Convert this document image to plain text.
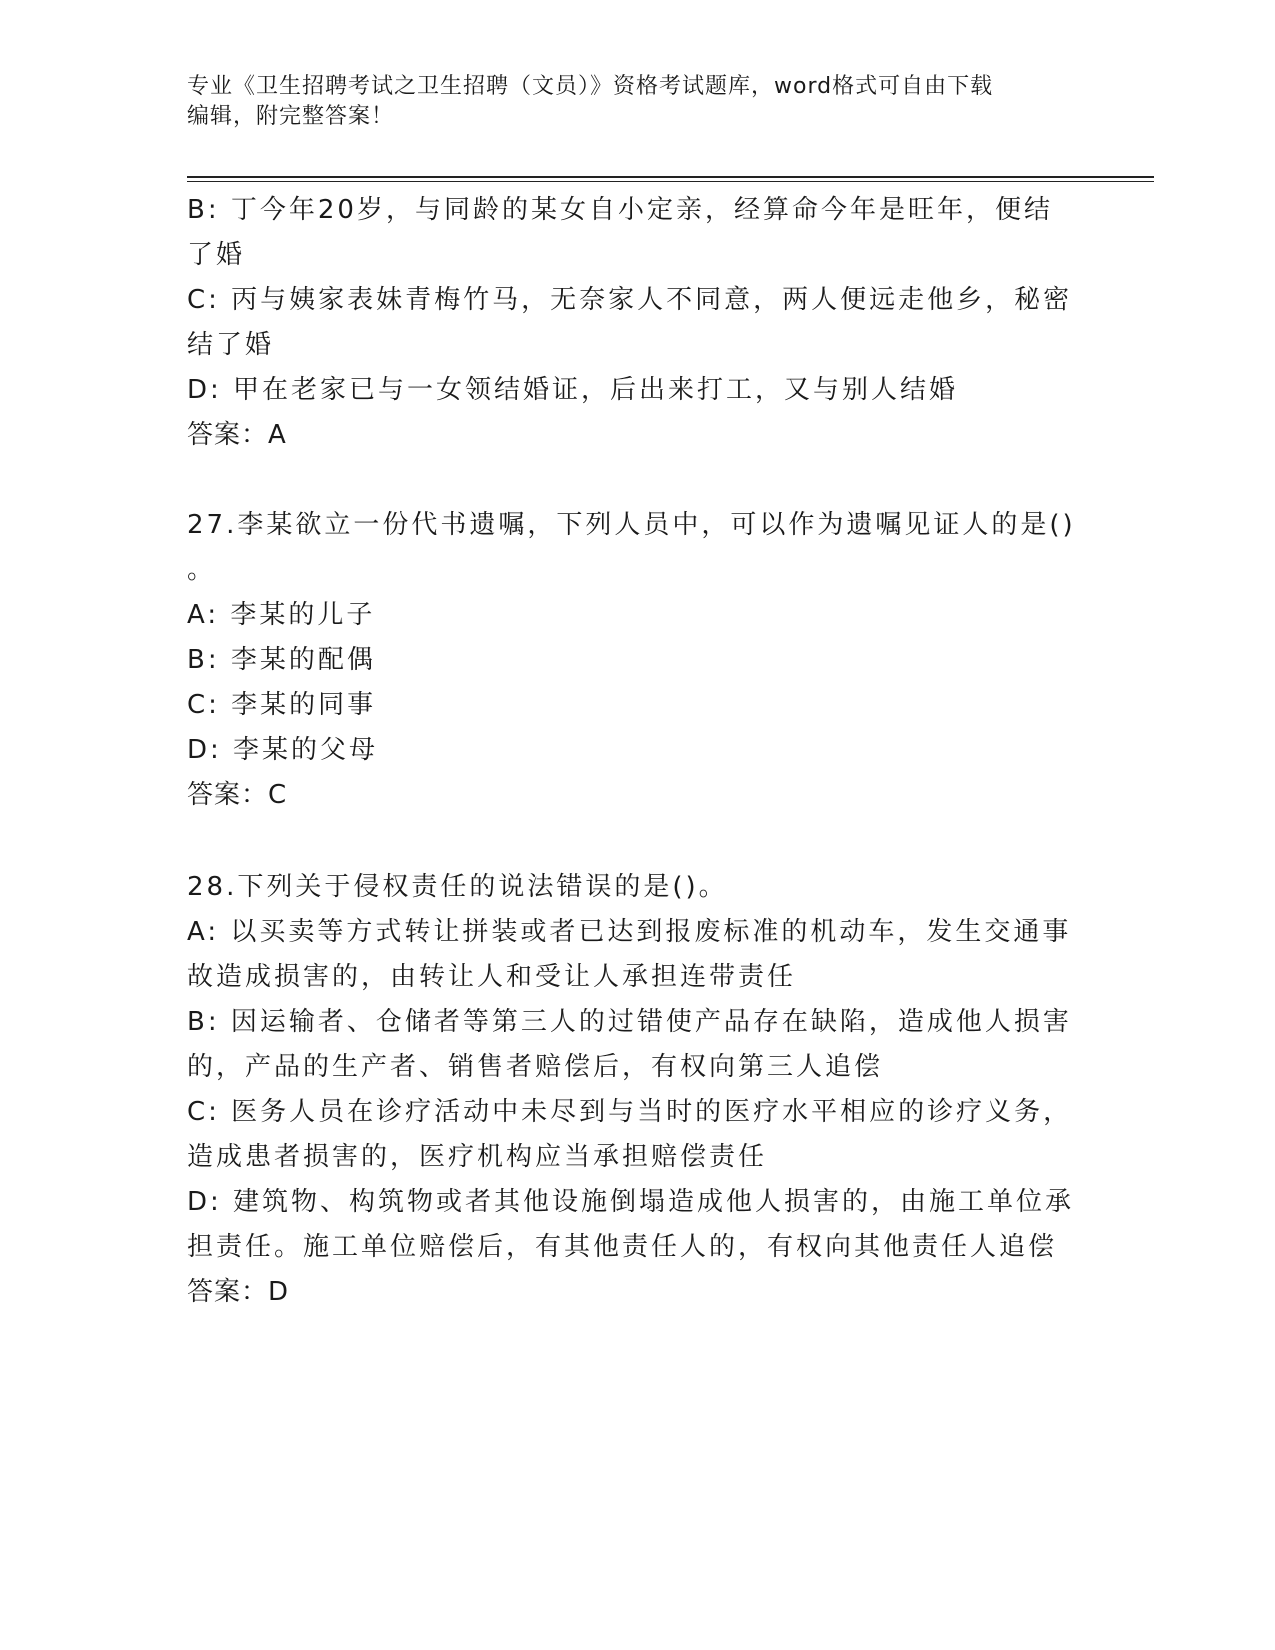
专业《卫生招聘考试之卫生招聘（文员）》资格考试题库，word格式可自由下载
编辑，附完整答案！

B: 丁今年20岁，与同龄的某女自小定亲，经算命今年是旺年，便结

了婚

C: 丙与姨家表妹青梅竹马，无奈家人不同意，两人便远走他乡，秘密

结了婚

D: 甲在老家已与一女领结婚证，后出来打工，又与别人结婚

答案：A

27.李某欲立一份代书遗嘱，下列人员中，可以作为遗嘱见证人的是()

。

A: 李某的儿子

B: 李某的配偶

C: 李某的同事

D: 李某的父母

答案：C

28.下列关于侵权责任的说法错误的是()。

A: 以买卖等方式转让拼装或者已达到报废标准的机动车，发生交通事

故造成损害的，由转让人和受让人承担连带责任

B: 因运输者、仓储者等第三人的过错使产品存在缺陷，造成他人损害

的，产品的生产者、销售者赔偿后，有权向第三人追偿

C: 医务人员在诊疗活动中未尽到与当时的医疗水平相应的诊疗义务，

造成患者损害的，医疗机构应当承担赔偿责任

D: 建筑物、构筑物或者其他设施倒塌造成他人损害的，由施工单位承

担责任。施工单位赔偿后，有其他责任人的，有权向其他责任人追偿

答案：D
